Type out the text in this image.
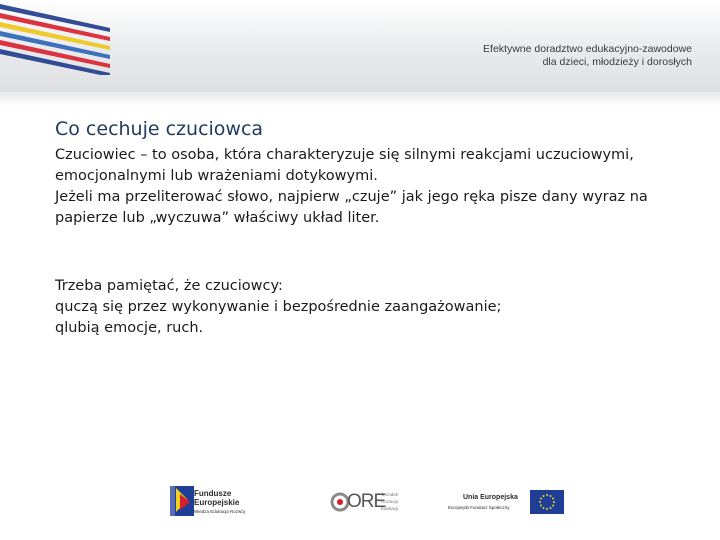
Efektywne doradztwo edukacyjno-zawodowe
dla dzieci, młodzieży i dorosłych
Co cechuje czuciowca

Czuciowiec – to osoba, która charakteryzuje się silnymi reakcjami uczuciowymi, emocjonalnymi lub wrażeniami dotykowymi.

Jeżeli ma przeliterować słowo, najpierw „czuje” jak jego ręka pisze dany wyraz na papierze lub „wyczuwa” właściwy układ liter.

Trzeba pamiętać, że czuciowcy:

quczą się przez wykonywanie i bezpośrednie zaangażowanie;

qlubią emocje, ruch.

Fundusze
Europejskie
Wiedza Edukacja Rozwój	ORE
Ośrodek
Rozwoju
Edukacji
Unia Europejska
Europejski Fundusz Społeczny
